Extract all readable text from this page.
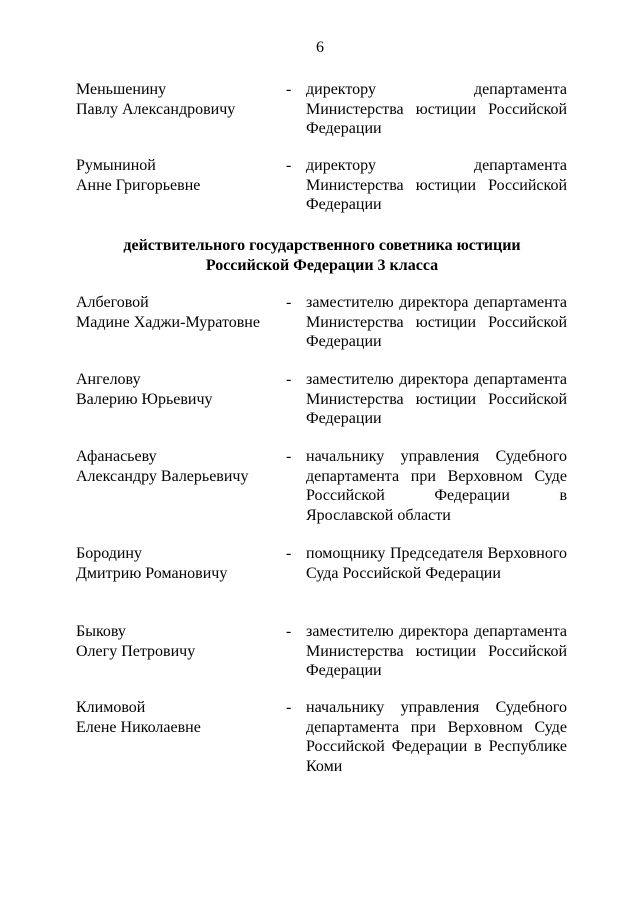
6
Меньшенину
Павлу Александровичу
- директору департамента Министерства юстиции Российской Федерации
Румыниной
Анне Григорьевне
- директору департамента Министерства юстиции Российской Федерации
действительного государственного советника юстиции
Российской Федерации 3 класса
Албеговой
Мадине Хаджи-Муратовне
- заместителю директора департамента Министерства юстиции Российской Федерации
Ангелову
Валерию Юрьевичу
- заместителю директора департамента Министерства юстиции Российской Федерации
Афанасьеву
Александру Валерьевичу
- начальнику управления Судебного департамента при Верховном Суде Российской Федерации в Ярославской области
Бородину
Дмитрию Романовичу
- помощнику Председателя Верховного Суда Российской Федерации
Быкову
Олегу Петровичу
- заместителю директора департамента Министерства юстиции Российской Федерации
Климовой
Елене Николаевне
- начальнику управления Судебного департамента при Верховном Суде Российской Федерации в Республике Коми
